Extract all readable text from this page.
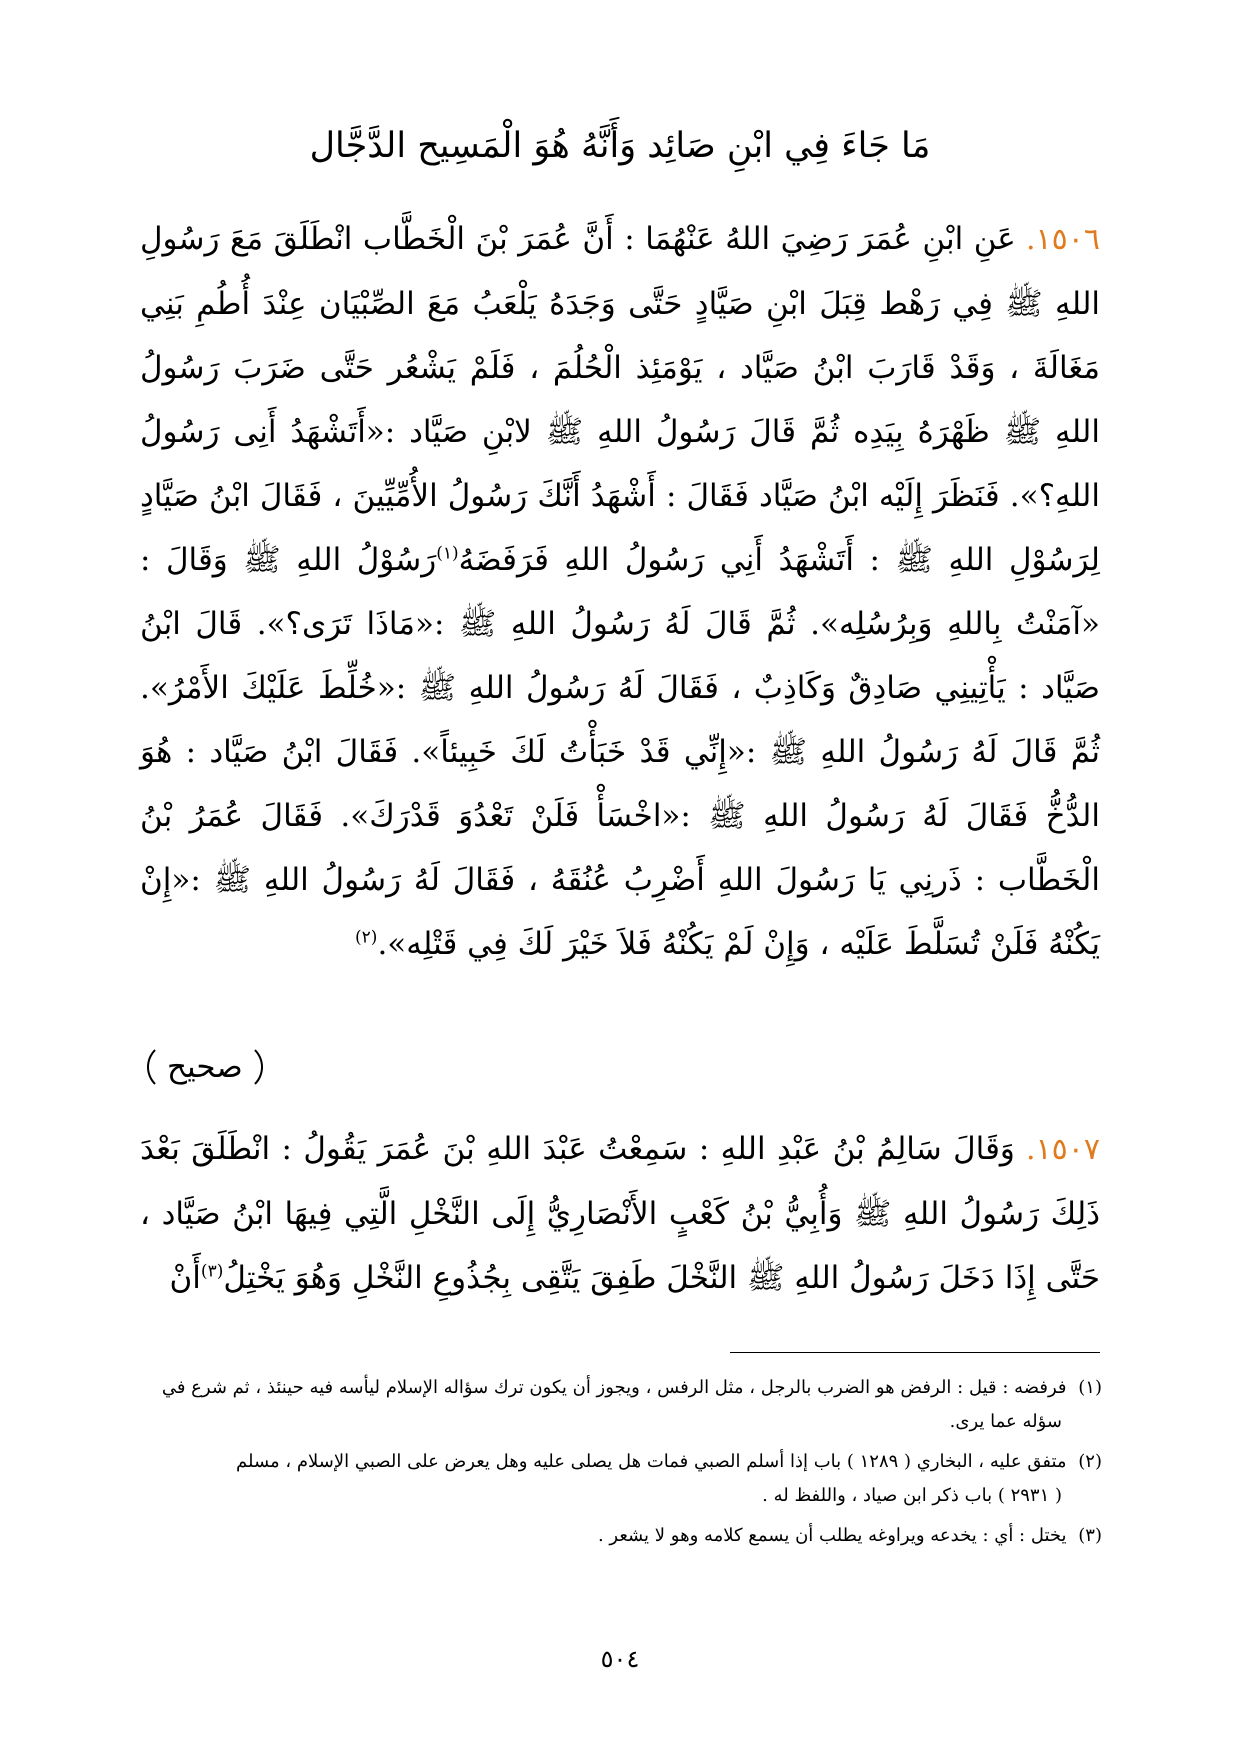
مَا جَاءَ فِي ابْنِ صَائِد وَأَنَّهُ هُوَ الْمَسِيح الدَّجَّال

١٥٠٦. عَنِ ابْنِ عُمَرَ رَضِيَ اللهُ عَنْهُمَا : أَنَّ عُمَرَ بْنَ الْخَطَّاب انْطَلَقَ مَعَ رَسُولِ اللهِ ﷺ فِي رَهْط قِبَلَ ابْنِ صَيَّادٍ حَتَّى وَجَدَهُ يَلْعَبُ مَعَ الصِّبْيَان عِنْدَ أُطُمِ بَنِي مَغَالَةَ ، وَقَدْ قَارَبَ ابْنُ صَيَّاد ، يَوْمَئِذ الْحُلُمَ ، فَلَمْ يَشْعُر حَتَّى ضَرَبَ رَسُولُ اللهِ ﷺ ظَهْرَهُ بِيَدِه ثُمَّ قَالَ رَسُولُ اللهِ ﷺ لابْنِ صَيَّاد :«أَتَشْهَدُ أَنِى رَسُولُ اللهِ؟». فَنَظَرَ إِلَيْه ابْنُ صَيَّاد فَقَالَ : أَشْهَدُ أَنَّكَ رَسُولُ الأُمِّيِّينَ ، فَقَالَ ابْنُ صَيَّادٍ لِرَسُوْلِ اللهِ ﷺ : أَتَشْهَدُ أَنِي رَسُولُ اللهِ فَرَفَضَهُ$^{(١)}$رَسُوْلُ اللهِ ﷺ وَقَالَ : «آمَنْتُ بِاللهِ وَبِرُسُلِه». ثُمَّ قَالَ لَهُ رَسُولُ اللهِ ﷺ :«مَاذَا تَرَى؟». قَالَ ابْنُ صَيَّاد : يَأْتِينِي صَادِقٌ وَكَاذِبٌ ، فَقَالَ لَهُ رَسُولُ اللهِ ﷺ :«خُلِّطَ عَلَيْكَ الأَمْرُ». ثُمَّ قَالَ لَهُ رَسُولُ اللهِ ﷺ :«إِنِّي قَدْ خَبَأْتُ لَكَ خَبِيئاً». فَقَالَ ابْنُ صَيَّاد : هُوَ الدُّخُّ فَقَالَ لَهُ رَسُولُ اللهِ ﷺ :«اخْسَأْ فَلَنْ تَعْدُوَ قَدْرَكَ». فَقَالَ عُمَرُ بْنُ الْخَطَّاب : ذَرنِي يَا رَسُولَ اللهِ أَضْرِبُ عُنُقَهُ ، فَقَالَ لَهُ رَسُولُ اللهِ ﷺ :«إِنْ يَكُنْهُ فَلَنْ تُسَلَّطَ عَلَيْه ، وَإِنْ لَمْ يَكُنْهُ فَلاَ خَيْرَ لَكَ فِي قَتْلِه».$^{(٢)}$

صحيح

١٥٠٧. وَقَالَ سَالِمُ بْنُ عَبْدِ اللهِ : سَمِعْتُ عَبْدَ اللهِ بْنَ عُمَرَ يَقُولُ : انْطَلَقَ بَعْدَ ذَلِكَ رَسُولُ اللهِ ﷺ وَأُبِيُّ بْنُ كَعْبٍ الأَنْصَارِيُّ إِلَى النَّخْلِ الَّتِي فِيهَا ابْنُ صَيَّاد ، حَتَّى إِذَا دَخَلَ رَسُولُ اللهِ ﷺ النَّخْلَ طَفِقَ يَتَّقِى بِجُذُوعِ النَّخْلِ وَهُوَ يَخْتِلُ$^{(٣)}$أَنْ

(١) فرفضه : قيل : الرفض هو الضرب بالرجل ، مثل الرفس ، ويجوز أن يكون ترك سؤاله الإسلام ليأسه فيه حينئذ ، ثم شرع في
سؤله عما يرى.
(٢) متفق عليه ، البخاري ( ١٢٨٩ ) باب إذا أسلم الصبي فمات هل يصلى عليه وهل يعرض على الصبي الإسلام ، مسلم
( ٢٩٣١ ) باب ذكر ابن صياد ، واللفظ له .
(٣) يختل : أي : يخدعه ويراوغه يطلب أن يسمع كلامه وهو لا يشعر .
٥٠٤
